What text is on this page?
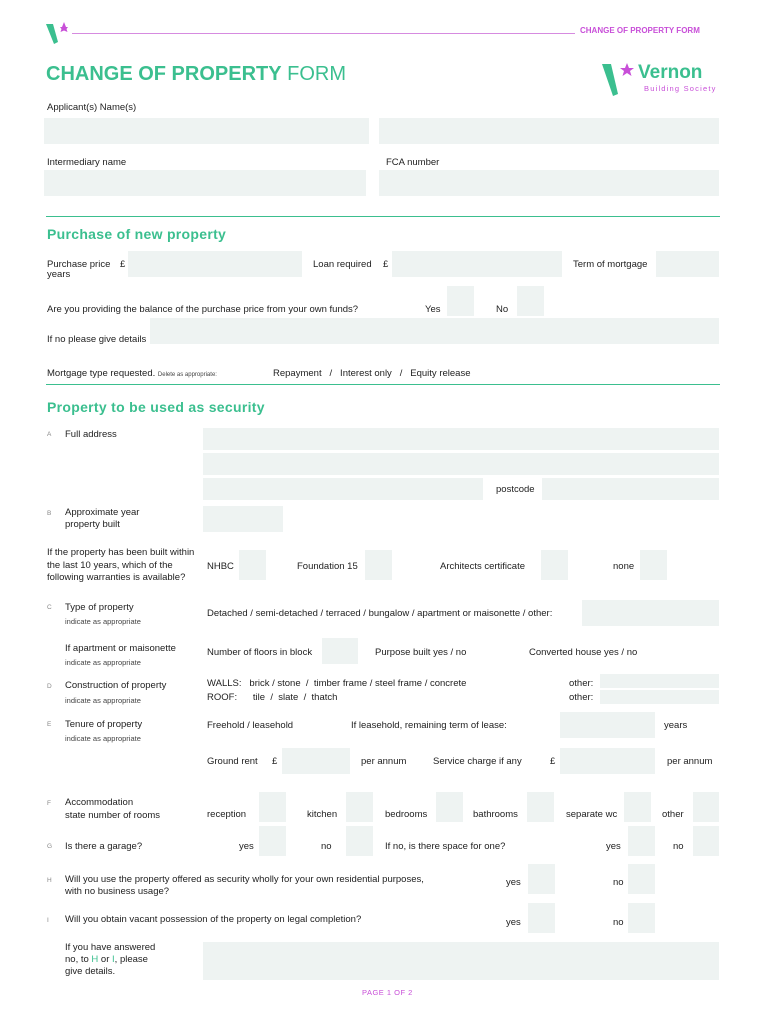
CHANGE OF PROPERTY FORM
CHANGE OF PROPERTY FORM	Vernon
Building Society
Applicant(s) Name(s)
Intermediary name	FCA number
Purchase of new property
Purchase price £
years
Loan required £	Term of mortgage
Are you providing the balance of the purchase price from your own funds?	Yes	No
If no please give details
Mortgage type requested. Delete as appropriate:	Repayment   /   Interest only   /   Equity release
Property to be used as security
A Full address
postcode
B Approximate year
property built
If the property has been built within
the last 10 years, which of the
following warranties is available?
NHBC	Foundation 15	Architects certificate	none
C Type of property
indicate as appropriate
Detached / semi-detached / terraced / bungalow / apartment or maisonette / other:
If apartment or maisonette
indicate as appropriate
Number of floors in block	Purpose built yes / no	Converted house yes / no
D Construction of property
indicate as appropriate
WALLS:   brick / stone  /  timber frame / steel frame / concrete
ROOF:      tile  /  slate  /  thatch
other:
other:
E Tenure of property
indicate as appropriate
Freehold / leasehold	If leasehold, remaining term of lease:	years
Ground rent £	per annum	Service charge if any	£	per annum
F Accommodation
state number of rooms	reception	kitchen	bedrooms	bathrooms	separate wc	other
G Is there a garage?	yes	no	If no, is there space for one?	yes	no
H Will you use the property offered as security wholly for your own residential purposes,
with no business usage?
yes	no
I Will you obtain vacant possession of the property on legal completion?	yes	no
If you have answered
no, to H or I, please
give details.
PAGE 1 OF 2
